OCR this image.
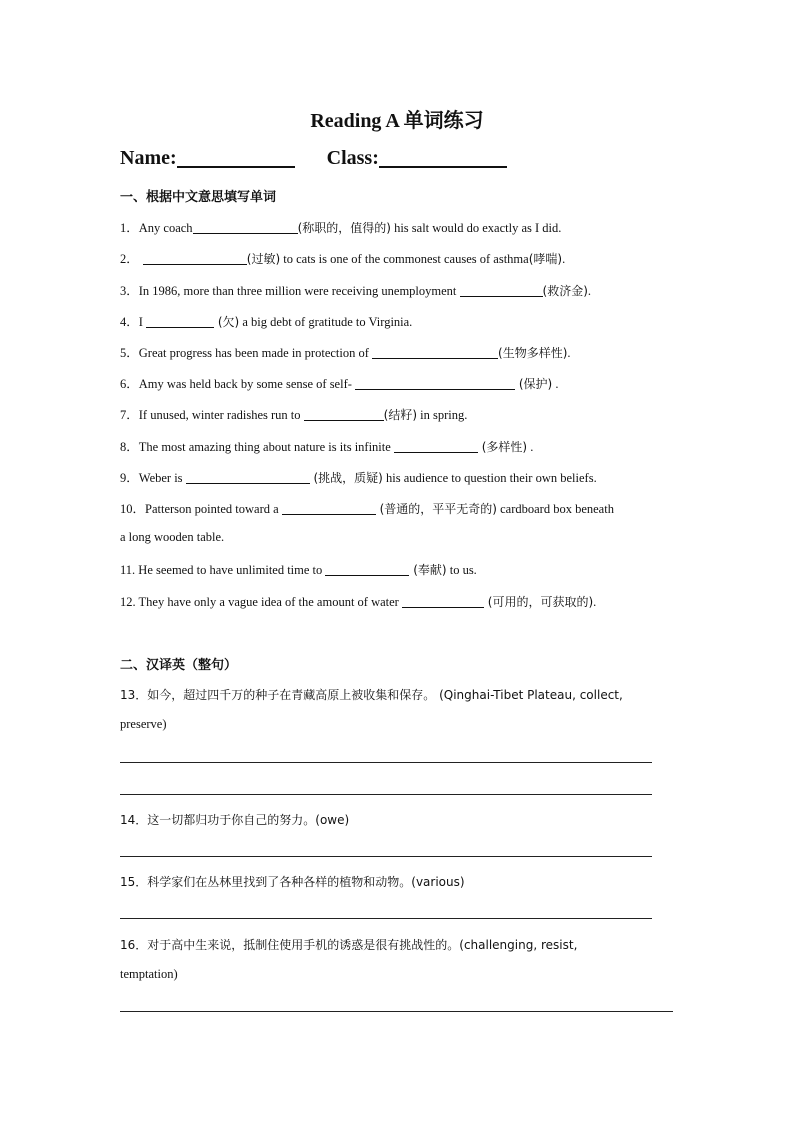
Reading A 单词练习
Name:	Class:
一、根据中文意思填写单词
1．Any coach	(称职的，值得的) his salt would do exactly as I did.
2．	(过敏) to cats is one of the commonest causes of asthma(哮喘).
3．In 1986, more than three million were receiving unemployment	(救济金).
4．I	(欠) a big debt of gratitude to Virginia.
5．Great progress has been made in protection of	(生物多样性).
6．Amy was held back by some sense of self-	(保护) .
7．If unused, winter radishes run to	(结籽) in spring.
8．The most amazing thing about nature is its infinite	(多样性) .
9．Weber is	(挑战，质疑) his audience to question their own beliefs.
10．Patterson pointed toward a	(普通的，平平无奇的) cardboard box beneath
a long wooden table.
11. He seemed to have unlimited time to	(奉献) to us.
12. They have only a vague idea of the amount of water	(可用的，可获取的).
二、汉译英（整句）
13．如今，超过四千万的种子在青藏高原上被收集和保存。 (Qinghai-Tibet Plateau, collect,
preserve)
14．这一切都归功于你自己的努力。(owe)
15．科学家们在丛林里找到了各种各样的植物和动物。(various)
16．对于高中生来说，抵制住使用手机的诱惑是很有挑战性的。(challenging, resist,
temptation)
